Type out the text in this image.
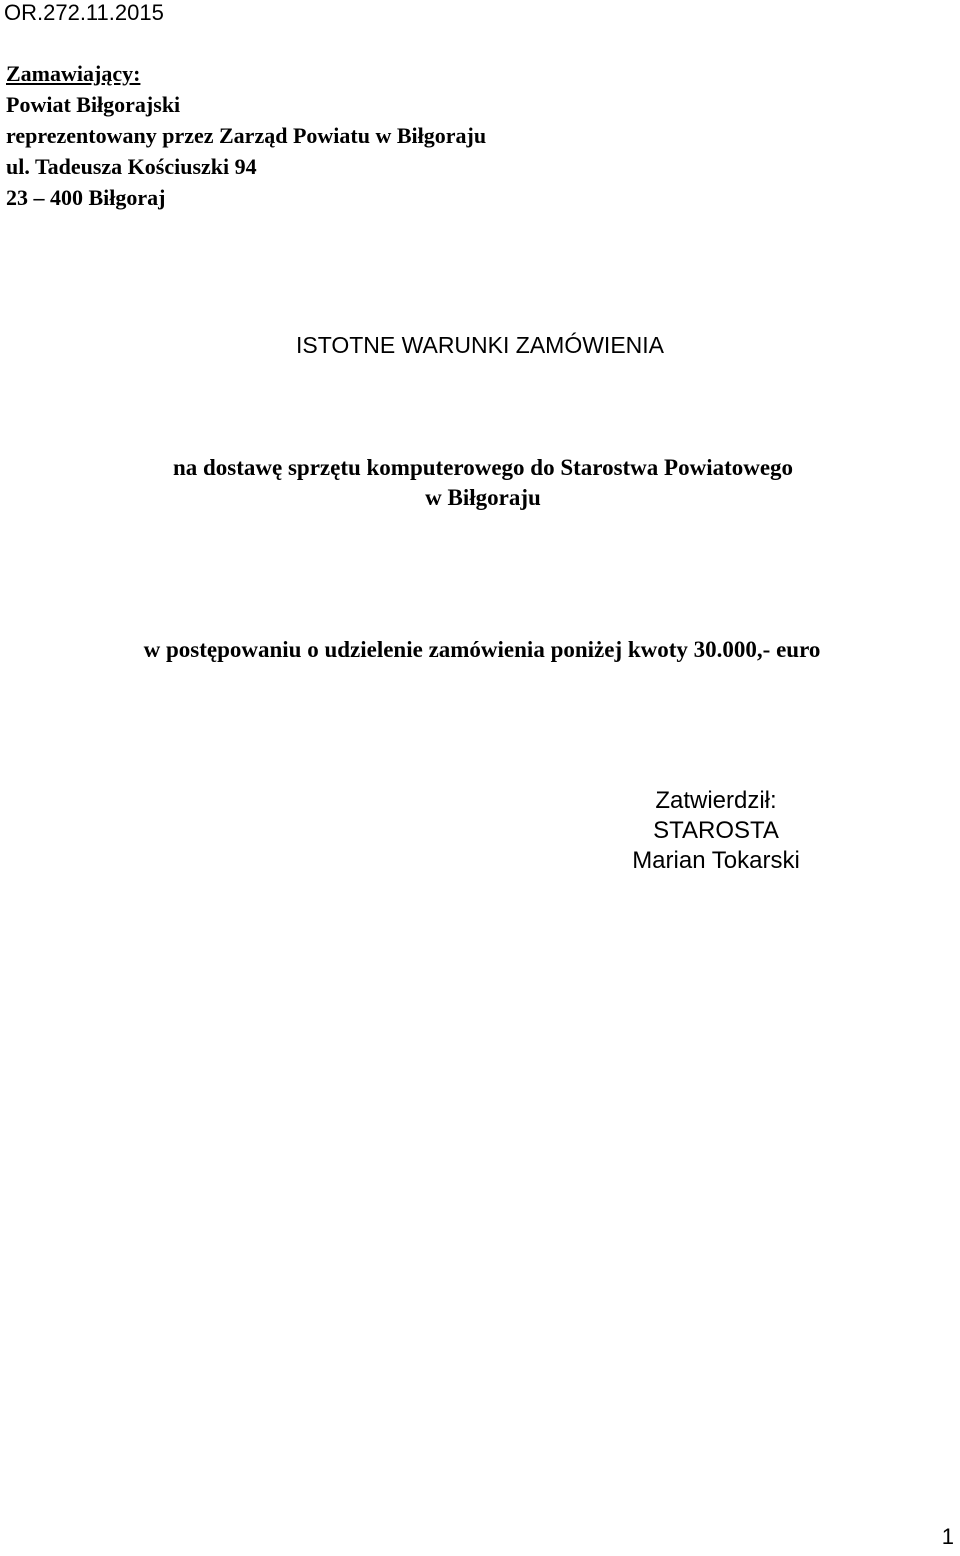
OR.272.11.2015
Zamawiający:
Powiat Biłgorajski
reprezentowany przez Zarząd Powiatu w Biłgoraju
ul. Tadeusza Kościuszki 94
23 – 400 Biłgoraj
ISTOTNE WARUNKI ZAMÓWIENIA
na dostawę sprzętu komputerowego do Starostwa Powiatowego
w Biłgoraju
w postępowaniu o udzielenie zamówienia poniżej kwoty 30.000,- euro
Zatwierdził:
STAROSTA
Marian Tokarski
1
